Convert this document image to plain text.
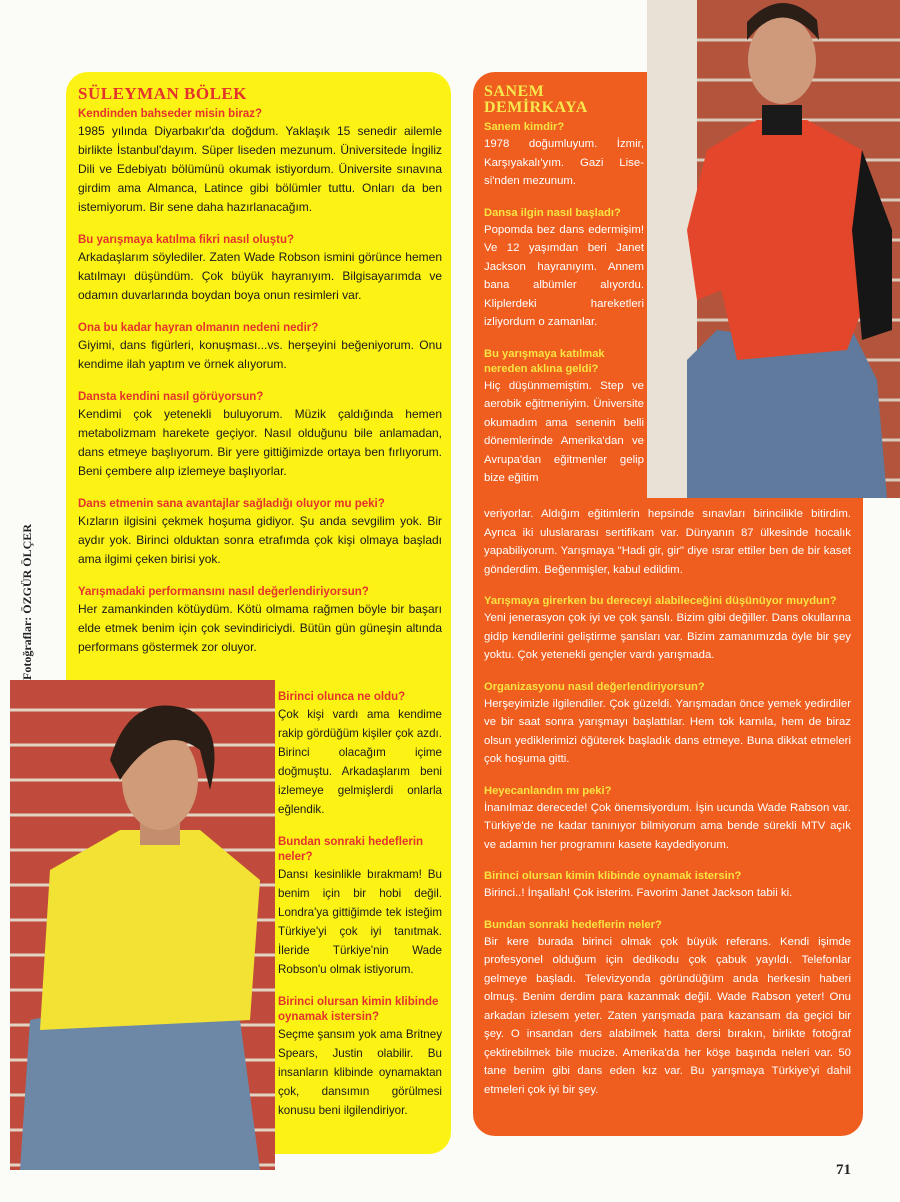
SÜLEYMAN BÖLEK

Kendinden bahseder misin biraz?

1985 yılında Diyarbakır'da doğdum. Yaklaşık 15 senedir ailemle birlikte İstanbul'dayım. Süper liseden mezunum. Üniversitede İngiliz Dili ve Edebiyatı bölümünü okumak istiyordum. Üniversite sınavına girdim ama Almanca, Latince gibi bölümler tuttu. Onları da ben istemiyorum. Bir sene daha hazırlanacağım.

Bu yarışmaya katılma fikri nasıl oluştu?

Arkadaşlarım söylediler. Zaten Wade Robson ismini görünce hemen katılmayı düşündüm. Çok büyük hayranıyım. Bilgisayarımda ve odamın duvarlarında boydan boya onun resimleri var.

Ona bu kadar hayran olmanın nedeni nedir?

Giyimi, dans figürleri, konuşması...vs. herşeyini beğeniyorum. Onu kendime ilah yaptım ve örnek alıyorum.

Dansta kendini nasıl görüyorsun?

Kendimi çok yetenekli buluyorum. Müzik çaldığında hemen metabolizmam harekete geçiyor. Nasıl olduğunu bile anlamadan, dans etmeye başlıyorum. Bir yere gittiğimizde ortaya ben fırlıyorum. Beni çembere alıp izlemeye başlıyorlar.

Dans etmenin sana avantajlar sağladığı oluyor mu peki?

Kızların ilgisini çekmek hoşuma gidiyor. Şu anda sevgilim yok. Bir aydır yok. Birinci olduktan sonra etrafımda çok kişi olmaya başladı ama ilgimi çeken birisi yok.

Yarışmadaki performansını nasıl değerlendiriyorsun?

Her zamankinden kötüydüm. Kötü olmama rağmen böyle bir başarı elde etmek benim için çok sevindiriciydi. Bütün gün güneşin altında performans göstermek zor oluyor.

Birinci olunca ne oldu?

Çok kişi vardı ama kendime rakip gördüğüm kişiler çok azdı. Birinci olacağım içime doğmuştu. Arkadaşlarım beni izlemeye gelmişlerdi onlarla eğlendik.

Bundan sonraki hedeflerin neler?

Dansı kesinlikle bırakmam! Bu benim için bir hobi değil. Londra'ya gittiğimde tek isteğim Türkiye'yi çok iyi tanıtmak. İleride Türkiye'nin Wade Robson'u olmak istiyorum.

Birinci olursan kimin klibinde oynamak istersin?

Seçme şansım yok ama Britney Spears, Justin olabilir. Bu insanların klibinde oynamaktan çok, dansımın görülmesi konusu beni ilgilendiriyor.

SANEM
DEMİRKAYA

Sanem kimdir?

1978 doğumluyum. İzmir, Karşıyakalı'yım. Gazi Lise-si'nden mezunum.

Dansa ilgin nasıl başladı?

Popomda bez dans edermişim! Ve 12 yaşımdan beri Janet Jackson hayranıyım. Annem bana albümler alıyordu. Kliplerdeki hareketleri izliyordum o zamanlar.

Bu yarışmaya katılmak nereden aklına geldi?

Hiç düşünmemiştim. Step ve aerobik eğitmeniyim. Üniversite okumadım ama senenin belli dönemlerinde Amerika'dan ve Avrupa'dan eğitmenler gelip bize eğitim

veriyorlar. Aldığım eğitimlerin hepsinde sınavları birincilikle bitirdim. Ayrıca iki uluslararası sertifikam var. Dünyanın 87 ülkesinde hocalık yapabiliyorum. Yarışmaya "Hadi gir, gir" diye ısrar ettiler ben de bir kaset gönderdim. Beğenmişler, kabul edildim.

Yarışmaya girerken bu dereceyi alabileceğini düşünüyor muydun?

Yeni jenerasyon çok iyi ve çok şanslı. Bizim gibi değiller. Dans okullarına gidip kendilerini geliştirme şansları var. Bizim zamanımızda öyle bir şey yoktu. Çok yetenekli gençler vardı yarışmada.

Organizasyonu nasıl değerlendiriyorsun?

Herşeyimizle ilgilendiler. Çok güzeldi. Yarışmadan önce yemek yedirdiler ve bir saat sonra yarışmayı başlattılar. Hem tok karnıla, hem de biraz olsun yediklerimizi öğüterek başladık dans etmeye. Buna dikkat etmeleri çok hoşuma gitti.

Heyecanlandın mı peki?

İnanılmaz derecede! Çok önemsiyordum. İşin ucunda Wade Rabson var. Türkiye'de ne kadar tanınıyor bilmiyorum ama bende sürekli MTV açık ve adamın her programını kasete kaydediyorum.

Birinci olursan kimin klibinde oynamak istersin?

Birinci..! İnşallah! Çok isterim. Favorim Janet Jackson tabii ki.

Bundan sonraki hedeflerin neler?

Bir kere burada birinci olmak çok büyük referans. Kendi işimde profesyonel olduğum için dedikodu çok çabuk yayıldı. Telefonlar gelmeye başladı. Televizyonda göründüğüm anda herkesin haberi olmuş. Benim derdim para kazanmak değil. Wade Rabson yeter! Onu arkadan izlesem yeter. Zaten yarışmada para kazansam da geçici bir şey. O insandan ders alabilmek hatta dersi bırakın, birlikte fotoğraf çektirebilmek bile mucize. Amerika'da her köşe başında neleri var. 50 tane benim gibi dans eden kız var. Bu yarışmaya Türkiye'yi dahil etmeleri çok iyi bir şey.

Fotoğraflar: ÖZGÜR ÖLÇER
71
